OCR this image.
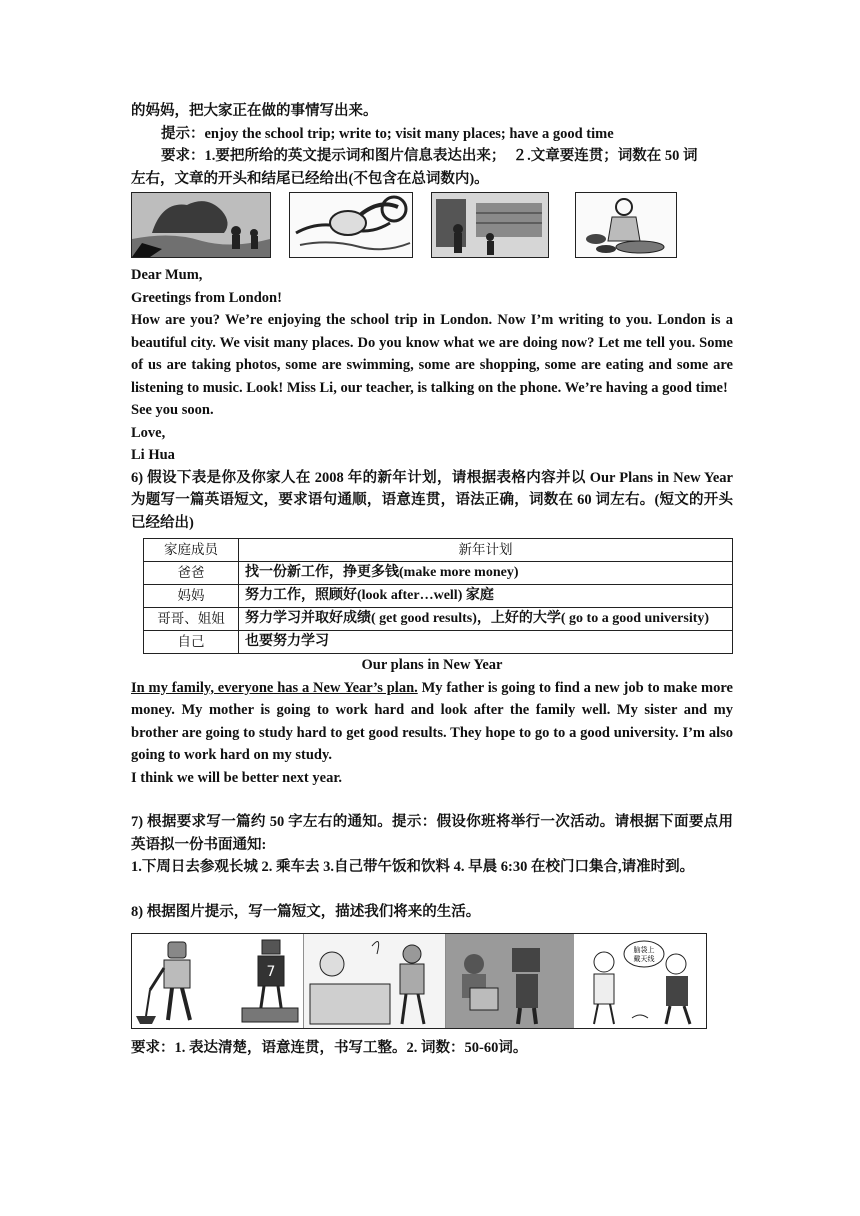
的妈妈，把大家正在做的事情写出来。
提示：enjoy the school trip; write to; visit many places; have a good time
要求：1.要把所给的英文提示词和图片信息表达出来；　２.文章要连贯；词数在 50 词
左右，文章的开头和结尾已经给出(不包含在总词数内)。
Dear Mum,
Greetings from London!
How are you? We’re enjoying the school trip in London. Now I’m writing to you. London is a beautiful city. We visit many places. Do you know what we are doing now? Let me tell you. Some of us are taking photos, some are swimming, some are shopping, some are eating and some are listening to music. Look! Miss Li, our teacher, is talking on the phone. We’re having a good time!
See you soon.
Love,
Li Hua
6) 假设下表是你及你家人在 2008 年的新年计划，请根据表格内容并以 Our Plans in New Year 为题写一篇英语短文，要求语句通顺，语意连贯，语法正确，词数在 60 词左右。(短文的开头已经给出)
家庭成员	新年计划
爸爸	找一份新工作，挣更多钱(make more money)
妈妈	努力工作，照顾好(look after…well) 家庭
哥哥、姐姐	努力学习并取好成绩( get good results)，上好的大学( go to a good university)
自己	也要努力学习
Our plans in New Year
In my family, everyone has a New Year’s plan. My father is going to find a new job to make more money. My mother is going to work hard and look after the family well. My sister and my brother are going to study hard to get good results. They hope to go to a good university. I’m also going to work hard on my study.
I think we will be better next year.
7) 根据要求写一篇约 50 字左右的通知。提示：假设你班将举行一次活动。请根据下面要点用英语拟一份书面通知:
1.下周日去参观长城 2. 乘车去 3.自己带午饭和饮料 4. 早晨 6:30 在校门口集合,请准时到。
8) 根据图片提示，写一篇短文，描述我们将来的生活。
7
脑袋上
戴天线
要求：1. 表达清楚，语意连贯，书写工整。2. 词数：50-60词。
